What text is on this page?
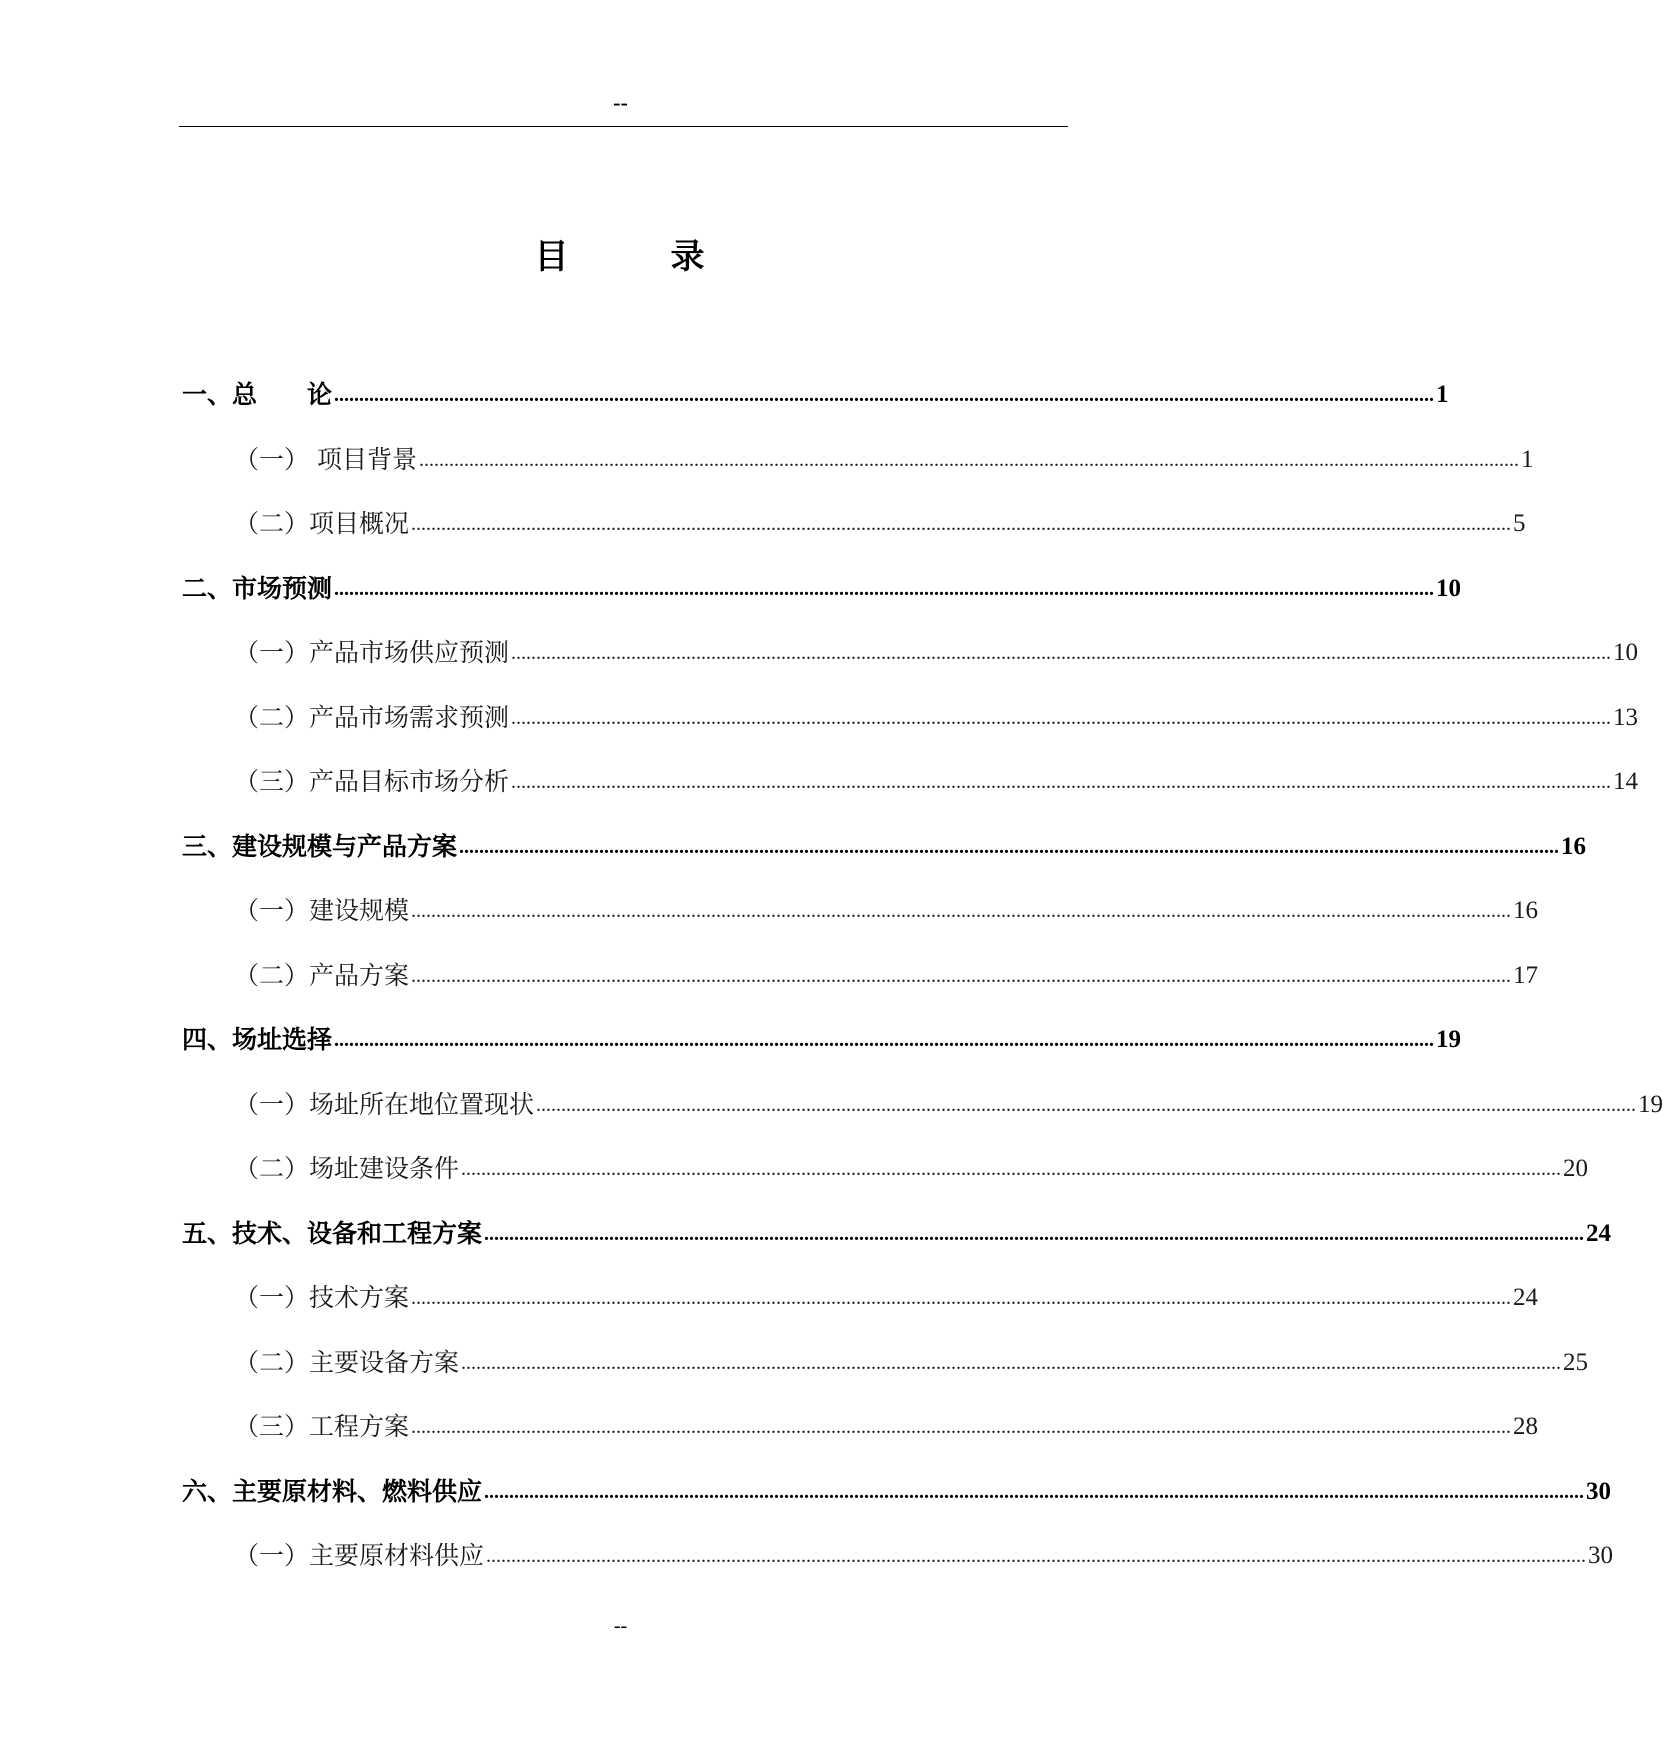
--
目	录
一、总　　论 ............................................................................................................................................................................................................................ 1
（一） 项目背景 ............................................................................................................................................................................................................................ 1
（二）项目概况 ............................................................................................................................................................................................................................ 5
二、市场预测 ............................................................................................................................................................................................................................ 10
（一）产品市场供应预测 ............................................................................................................................................................................................................................ 10
（二）产品市场需求预测 ............................................................................................................................................................................................................................ 13
（三）产品目标市场分析 ............................................................................................................................................................................................................................ 14
三、建设规模与产品方案 ............................................................................................................................................................................................................................ 16
（一）建设规模 ............................................................................................................................................................................................................................ 16
（二）产品方案 ............................................................................................................................................................................................................................ 17
四、场址选择 ............................................................................................................................................................................................................................ 19
（一）场址所在地位置现状 ............................................................................................................................................................................................................................ 19
（二）场址建设条件 ............................................................................................................................................................................................................................ 20
五、技术、设备和工程方案 ............................................................................................................................................................................................................................ 24
（一）技术方案 ............................................................................................................................................................................................................................ 24
（二）主要设备方案 ............................................................................................................................................................................................................................ 25
（三）工程方案 ............................................................................................................................................................................................................................ 28
六、主要原材料、燃料供应 ............................................................................................................................................................................................................................ 30
（一）主要原材料供应 ............................................................................................................................................................................................................................ 30
--
